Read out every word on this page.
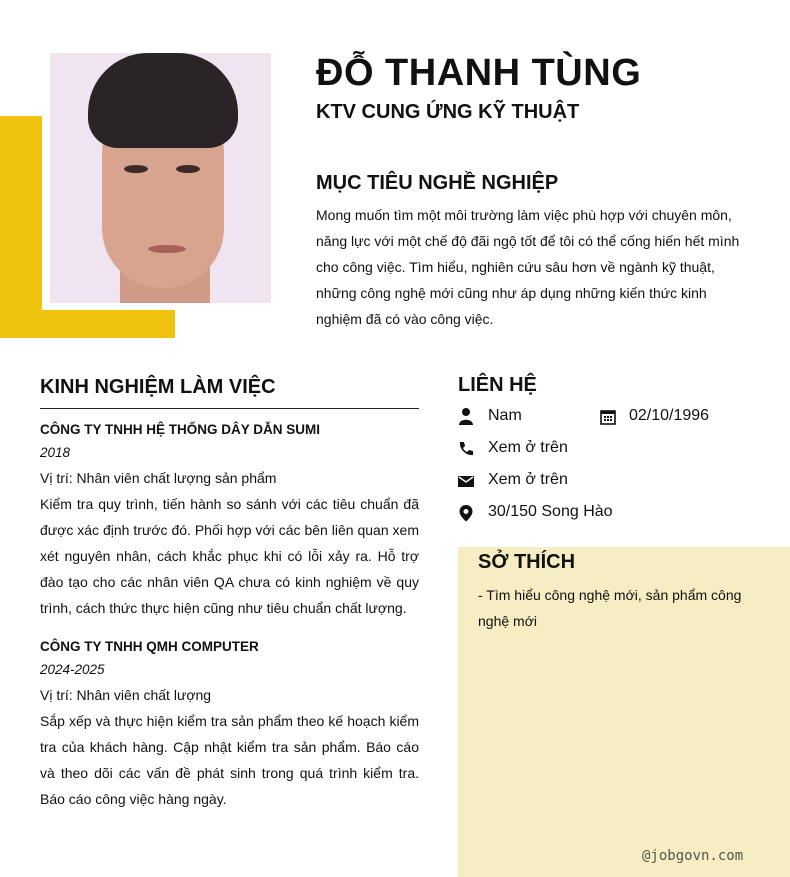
ĐỖ THANH TÙNG
KTV CUNG ỨNG KỸ THUẬT
MỤC TIÊU NGHỀ NGHIỆP
Mong muốn tìm một môi trường làm việc phù hợp với chuyên môn, năng lực với một chế độ đãi ngộ tốt để tôi có thể cống hiến hết mình cho công việc. Tìm hiểu, nghiên cứu sâu hơn về ngành kỹ thuật, những công nghệ mới cũng như áp dụng những kiến thức kinh nghiệm đã có vào công việc.
KINH NGHIỆM LÀM VIỆC
CÔNG TY TNHH HỆ THỐNG DÂY DẪN SUMI
2018
Vị trí: Nhân viên chất lượng sản phẩm
Kiểm tra quy trình, tiến hành so sánh với các tiêu chuẩn đã được xác định trước đó. Phối hợp với các bên liên quan xem xét nguyên nhân, cách khắc phục khi có lỗi xảy ra. Hỗ trợ đào tạo cho các nhân viên QA chưa có kinh nghiệm về quy trình, cách thức thực hiện cũng như tiêu chuẩn chất lượng.
CÔNG TY TNHH QMH COMPUTER
2024-2025
Vị trí: Nhân viên chất lượng
Sắp xếp và thực hiện kiểm tra sản phẩm theo kế hoạch kiểm tra của khách hàng. Cập nhật kiểm tra sản phẩm. Báo cáo và theo dõi các vấn đề phát sinh trong quá trình kiểm tra. Báo cáo công việc hàng ngày.
LIÊN HỆ
Nam	02/10/1996
Xem ở trên
Xem ở trên
30/150 Song Hào
SỞ THÍCH
- Tìm hiểu công nghệ mới, sản phẩm công nghệ mới
@jobgovn.com
